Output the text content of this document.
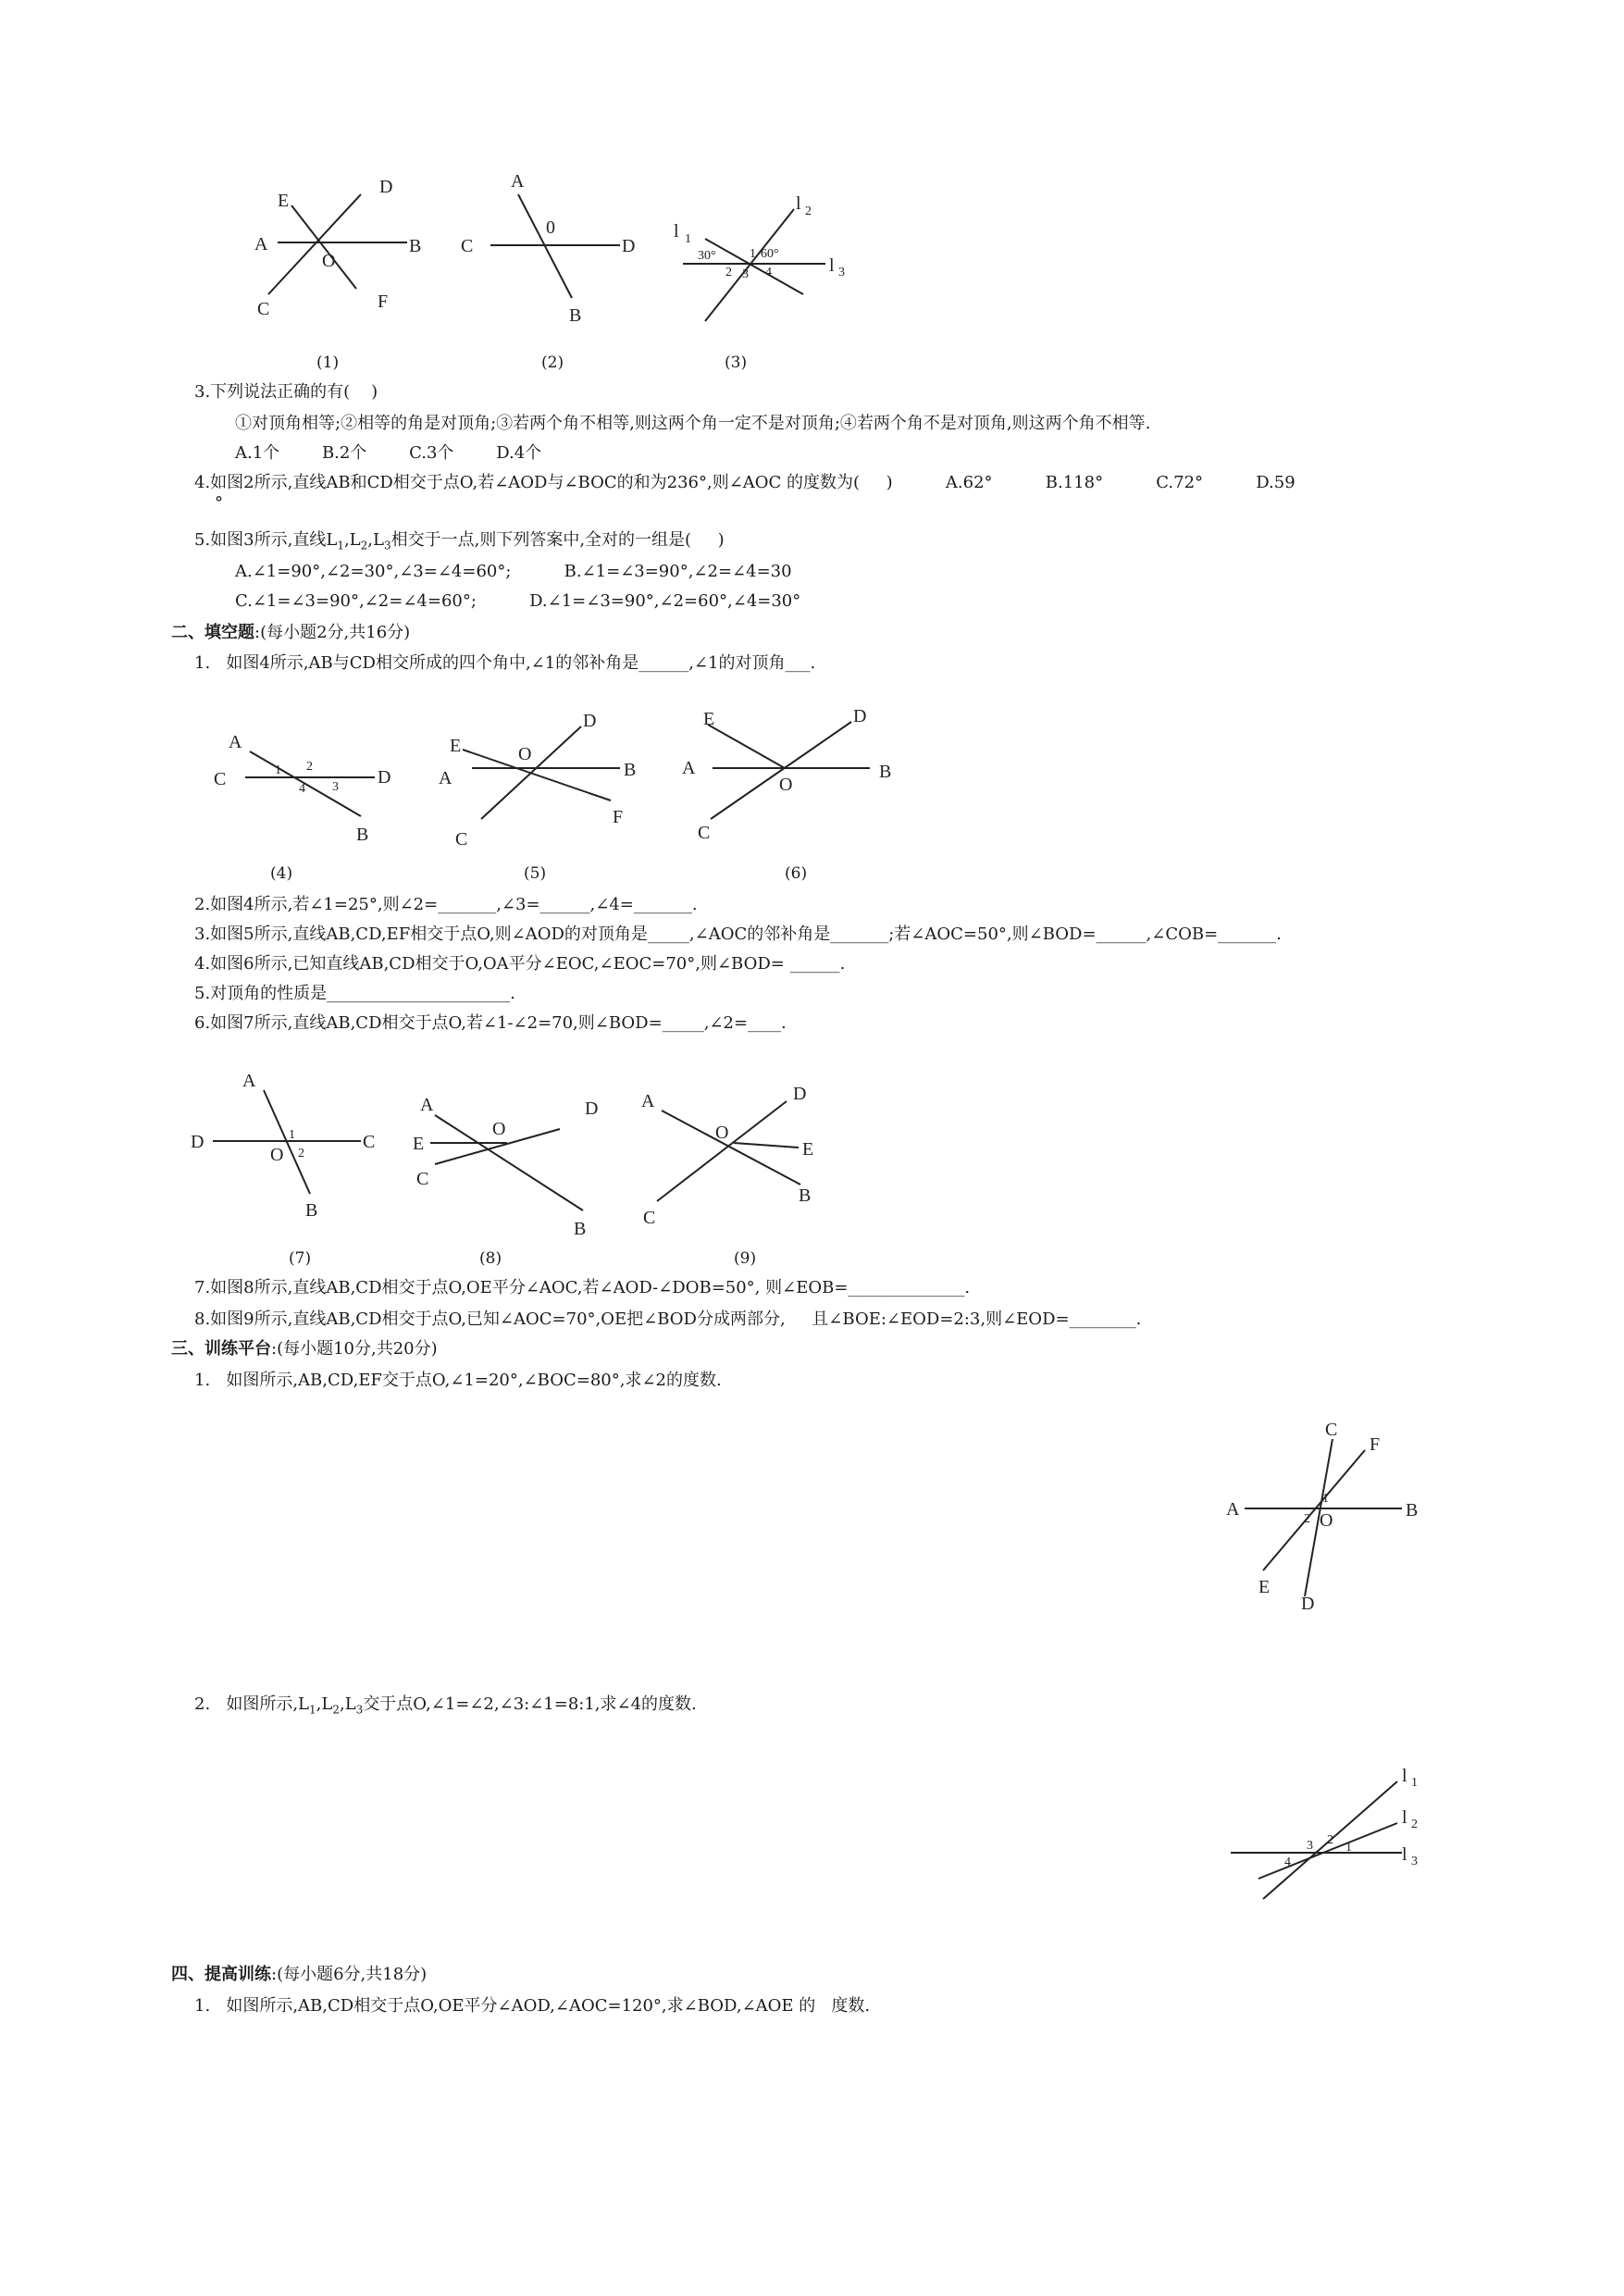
E
D
A
O
B
C	F
A
0
C	D
B
l 1
l 2
l 3
30°	60°
1
2 3 4
(1)	(2)	(3)
3.下列说法正确的有(    )
①对顶角相等;②相等的角是对顶角;③若两个角不相等,则这两个角一定不是对顶角;④若两个角不是对顶角,则这两个角不相等.
A.1个        B.2个        C.3个        D.4个
4.如图2所示,直线AB和CD相交于点O,若∠AOD与∠BOC的和为236°,则∠AOC 的度数为(     )          A.62°          B.118°          C.72°          D.59
°
5.如图3所示,直线$L_1,L_2,L_3$相交于一点,则下列答案中,全对的一组是(     )
A.∠1=90°,∠2=30°,∠3=∠4=60°;          B.∠1=∠3=90°,∠2=∠4=30
C.∠1=∠3=90°,∠2=∠4=60°;          D.∠1=∠3=90°,∠2=60°,∠4=30°
二、填空题:(每小题2分,共16分)
1.   如图4所示,AB与CD相交所成的四个角中,∠1的邻补角是______,∠1的对顶角___.
A
C	D
B
1 2
3
4
E
D
O
A	B
C
F
E	D
A
O
B
C
(4)	(5)	(6)
2.如图4所示,若∠1=25°,则∠2=_______,∠3=______,∠4=_______.
3.如图5所示,直线AB,CD,EF相交于点O,则∠AOD的对顶角是_____,∠AOC的邻补角是_______;若∠AOC=50°,则∠BOD=______,∠COB=_______.
4.如图6所示,已知直线AB,CD相交于O,OA平分∠EOC,∠EOC=70°,则∠BOD= ______.
5.对顶角的性质是______________________.
6.如图7所示,直线AB,CD相交于点O,若∠1-∠2=70,则∠BOD=_____,∠2=____.
A
D	1
O 2
C
B
A	D
E
O
C
B
A	D
O
E
C
B
(7)	(8)	(9)
7.如图8所示,直线AB,CD相交于点O,OE平分∠AOC,若∠AOD-∠DOB=50°, 则∠EOB=______________.
8.如图9所示,直线AB,CD相交于点O,已知∠AOC=70°,OE把∠BOD分成两部分,     且∠BOE:∠EOD=2:3,则∠EOD=________.
三、训练平台:(每小题10分,共20分)
1.   如图所示,AB,CD,EF交于点O,∠1=20°,∠BOC=80°,求∠2的度数.
C
F
1
A	2 O	B
E
D
2.   如图所示$,L_1,L_2,L_3$交于点O,∠1=∠2,∠3:∠1=8:1,求∠4的度数.
l 1
l 2
l 3
1
2
3
4
四、提高训练:(每小题6分,共18分)
1.   如图所示,AB,CD相交于点O,OE平分∠AOD,∠AOC=120°,求∠BOD,∠AOE 的   度数.
